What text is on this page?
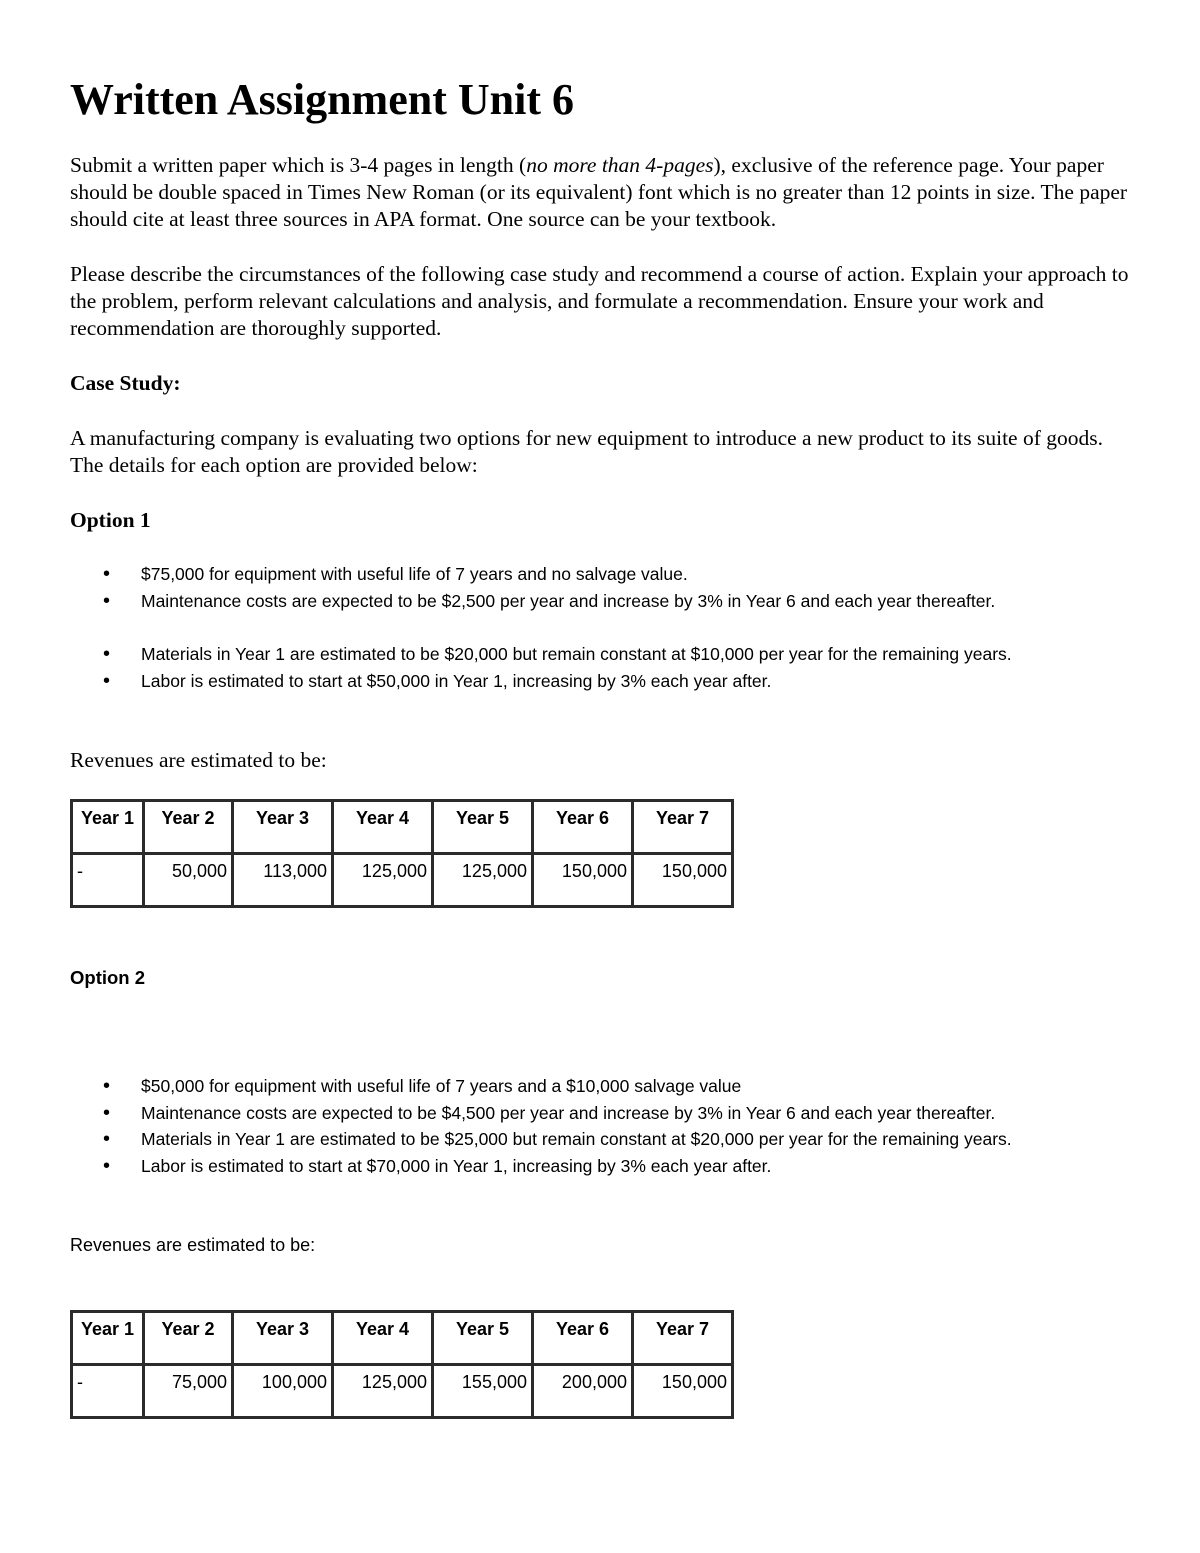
Written Assignment Unit 6

Submit a written paper which is 3-4 pages in length (no more than 4-pages), exclusive of the reference page. Your paper should be double spaced in Times New Roman (or its equivalent) font which is no greater than 12 points in size. The paper should cite at least three sources in APA format. One source can be your textbook.

Please describe the circumstances of the following case study and recommend a course of action. Explain your approach to the problem, perform relevant calculations and analysis, and formulate a recommendation. Ensure your work and recommendation are thoroughly supported.

Case Study:

A manufacturing company is evaluating two options for new equipment to introduce a new product to its suite of goods. The details for each option are provided below:

Option 1
• $75,000 for equipment with useful life of 7 years and no salvage value.
• Maintenance costs are expected to be $2,500 per year and increase by 3% in Year 6 and each year thereafter.
• Materials in Year 1 are estimated to be $20,000 but remain constant at $10,000 per year for the remaining years.
• Labor is estimated to start at $50,000 in Year 1, increasing by 3% each year after.

Revenues are estimated to be:

Year 1	Year 2	Year 3	Year 4	Year 5	Year 6	Year 7
-	50,000	113,000	125,000	125,000	150,000	150,000
Option 2
• $50,000 for equipment with useful life of 7 years and a $10,000 salvage value
• Maintenance costs are expected to be $4,500 per year and increase by 3% in Year 6 and each year thereafter.
• Materials in Year 1 are estimated to be $25,000 but remain constant at $20,000 per year for the remaining years.
• Labor is estimated to start at $70,000 in Year 1, increasing by 3% each year after.
Revenues are estimated to be:
Year 1	Year 2	Year 3	Year 4	Year 5	Year 6	Year 7
-	75,000	100,000	125,000	155,000	200,000	150,000
